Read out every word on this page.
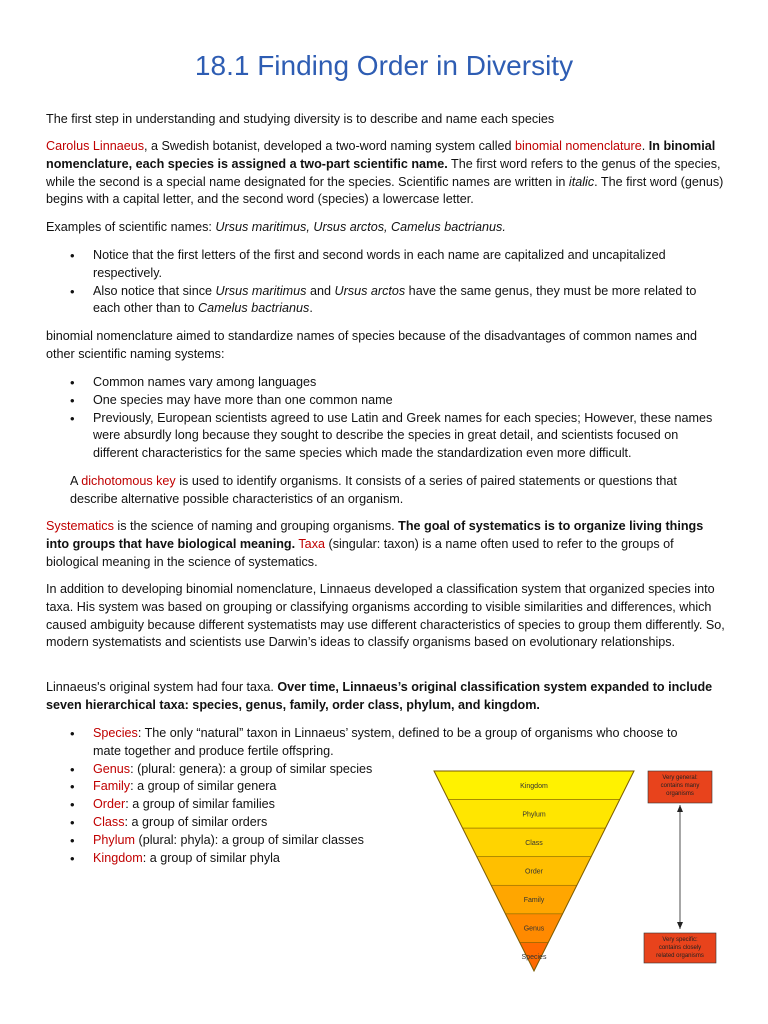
18.1 Finding Order in Diversity

The first step in understanding and studying diversity is to describe and name each species

Carolus Linnaeus, a Swedish botanist, developed a two-word naming system called binomial nomenclature. In binomial nomenclature, each species is assigned a two-part scientific name. The first word refers to the genus of the species, while the second is a special name designated for the species. Scientific names are written in italic. The first word (genus) begins with a capital letter, and the second word (species) a lowercase letter.

Examples of scientific names: Ursus maritimus, Ursus arctos, Camelus bactrianus.

• Notice that the first letters of the first and second words in each name are capitalized and uncapitalized respectively.
• Also notice that since Ursus maritimus and Ursus arctos have the same genus, they must be more related to each other than to Camelus bactrianus.

binomial nomenclature aimed to standardize names of species because of the disadvantages of common names and other scientific naming systems:

• Common names vary among languages
• One species may have more than one common name
• Previously, European scientists agreed to use Latin and Greek names for each species; However, these names were absurdly long because they sought to describe the species in great detail, and scientists focused on different characteristics for the same species which made the standardization even more difficult.

A dichotomous key is used to identify organisms. It consists of a series of paired statements or questions that describe alternative possible characteristics of an organism.

Systematics is the science of naming and grouping organisms. The goal of systematics is to organize living things into groups that have biological meaning. Taxa (singular: taxon) is a name often used to refer to the groups of biological meaning in the science of systematics.

In addition to developing binomial nomenclature, Linnaeus developed a classification system that organized species into taxa. His system was based on grouping or classifying organisms according to visible similarities and differences, which caused ambiguity because different systematists may use different characteristics of species to group them differently. So, modern systematists and scientists use Darwin’s ideas to classify organisms based on evolutionary relationships.

Linnaeus's original system had four taxa. Over time, Linnaeus’s original classification system expanded to include seven hierarchical taxa: species, genus, family, order class, phylum, and kingdom.

• Species: The only “natural” taxon in Linnaeus’ system, defined to be a group of organisms who choose to mate together and produce fertile offspring.
• Genus: (plural: genera): a group of similar species
• Family: a group of similar genera
• Order: a group of similar families
• Class: a group of similar orders
• Phylum (plural: phyla): a group of similar classes
• Kingdom: a group of similar phyla
Kingdom
Phylum
Class
Order
Family
Genus
Species
Very general: contains many organisms
Very specific: contains closely related organisms
